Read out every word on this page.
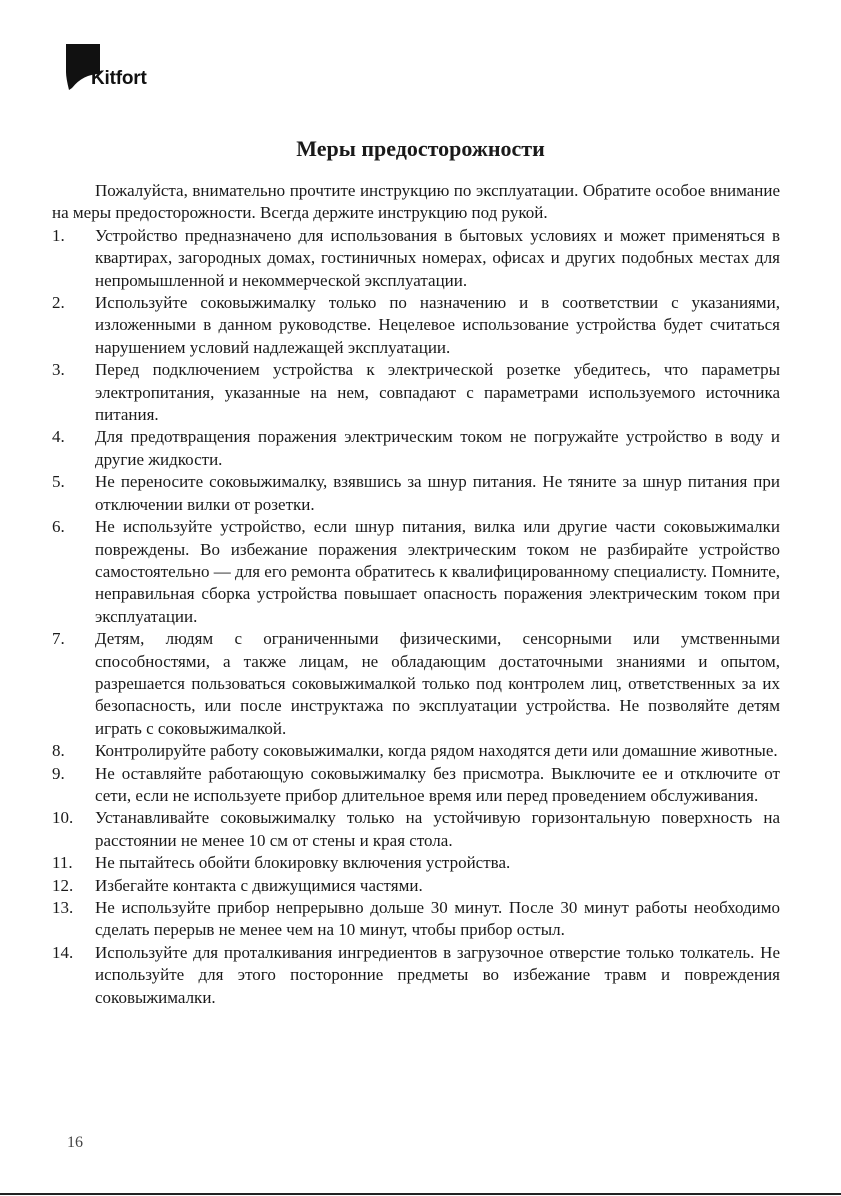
Kitfort
Меры предосторожности

Пожалуйста, внимательно прочтите инструкцию по эксплуатации. Обратите особое внимание на меры предосторожности. Всегда держите инструкцию под рукой.

1. Устройство предназначено для использования в бытовых условиях и может применяться в квартирах, загородных домах, гостиничных номерах, офисах и других подобных местах для непромышленной и некоммерческой эксплуатации.
2. Используйте соковыжималку только по назначению и в соответствии с указаниями, изложенными в данном руководстве. Нецелевое использование устройства будет считаться нарушением условий надлежащей эксплуатации.
3. Перед подключением устройства к электрической розетке убедитесь, что параметры электропитания, указанные на нем, совпадают с параметрами используемого источника питания.
4. Для предотвращения поражения электрическим током не погружайте устройство в воду и другие жидкости.
5. Не переносите соковыжималку, взявшись за шнур питания. Не тяните за шнур питания при отключении вилки от розетки.
6. Не используйте устройство, если шнур питания, вилка или другие части соковыжималки повреждены. Во избежание поражения электрическим током не разбирайте устройство самостоятельно — для его ремонта обратитесь к квалифицированному специалисту. Помните, неправильная сборка устройства повышает опасность поражения электрическим током при эксплуатации.
7. Детям, людям с ограниченными физическими, сенсорными или умственными способностями, а также лицам, не обладающим достаточными знаниями и опытом, разрешается пользоваться соковыжималкой только под контролем лиц, ответственных за их безопасность, или после инструктажа по эксплуатации устройства. Не позволяйте детям играть с соковыжималкой.
8. Контролируйте работу соковыжималки, когда рядом находятся дети или домашние животные.
9. Не оставляйте работающую соковыжималку без присмотра. Выключите ее и отключите от сети, если не используете прибор длительное время или перед проведением обслуживания.
10. Устанавливайте соковыжималку только на устойчивую горизонтальную поверхность на расстоянии не менее 10 см от стены и края стола.
11. Не пытайтесь обойти блокировку включения устройства.
12. Избегайте контакта с движущимися частями.
13. Не используйте прибор непрерывно дольше 30 минут. После 30 минут работы необходимо сделать перерыв не менее чем на 10 минут, чтобы прибор остыл.
14. Используйте для проталкивания ингредиентов в загрузочное отверстие только толкатель. Не используйте для этого посторонние предметы во избежание травм и повреждения соковыжималки.
16
